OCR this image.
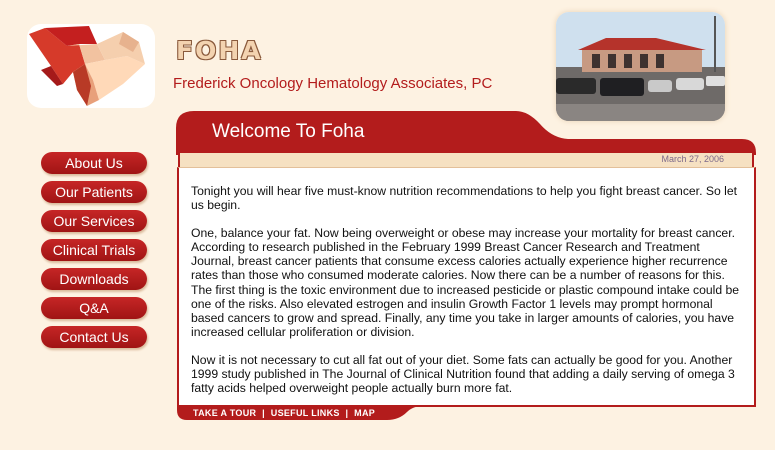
FOHA
Frederick Oncology Hematology Associates, PC
About Us
Our Patients
Our Services
Clinical Trials
Downloads
Q&A
Contact Us
Welcome To Foha
March 27, 2006

Tonight you will hear five must-know nutrition recommendations to help you fight breast cancer. So let us begin.

One, balance your fat. Now being overweight or obese may increase your mortality for breast cancer. According to research published in the February 1999 Breast Cancer Research and Treatment Journal, breast cancer patients that consume excess calories actually experience higher recurrence rates than those who consumed moderate calories. Now there can be a number of reasons for this. The first thing is the toxic environment due to increased pesticide or plastic compound intake could be one of the risks. Also elevated estrogen and insulin Growth Factor 1 levels may prompt hormonal based cancers to grow and spread. Finally, any time you take in larger amounts of calories, you have increased cellular proliferation or division.

Now it is not necessary to cut all fat out of your diet. Some fats can actually be good for you. Another 1999 study published in The Journal of Clinical Nutrition found that adding a daily serving of omega 3 fatty acids helped overweight people actually burn more fat.

TAKE A TOUR | USEFUL LINKS | MAP
